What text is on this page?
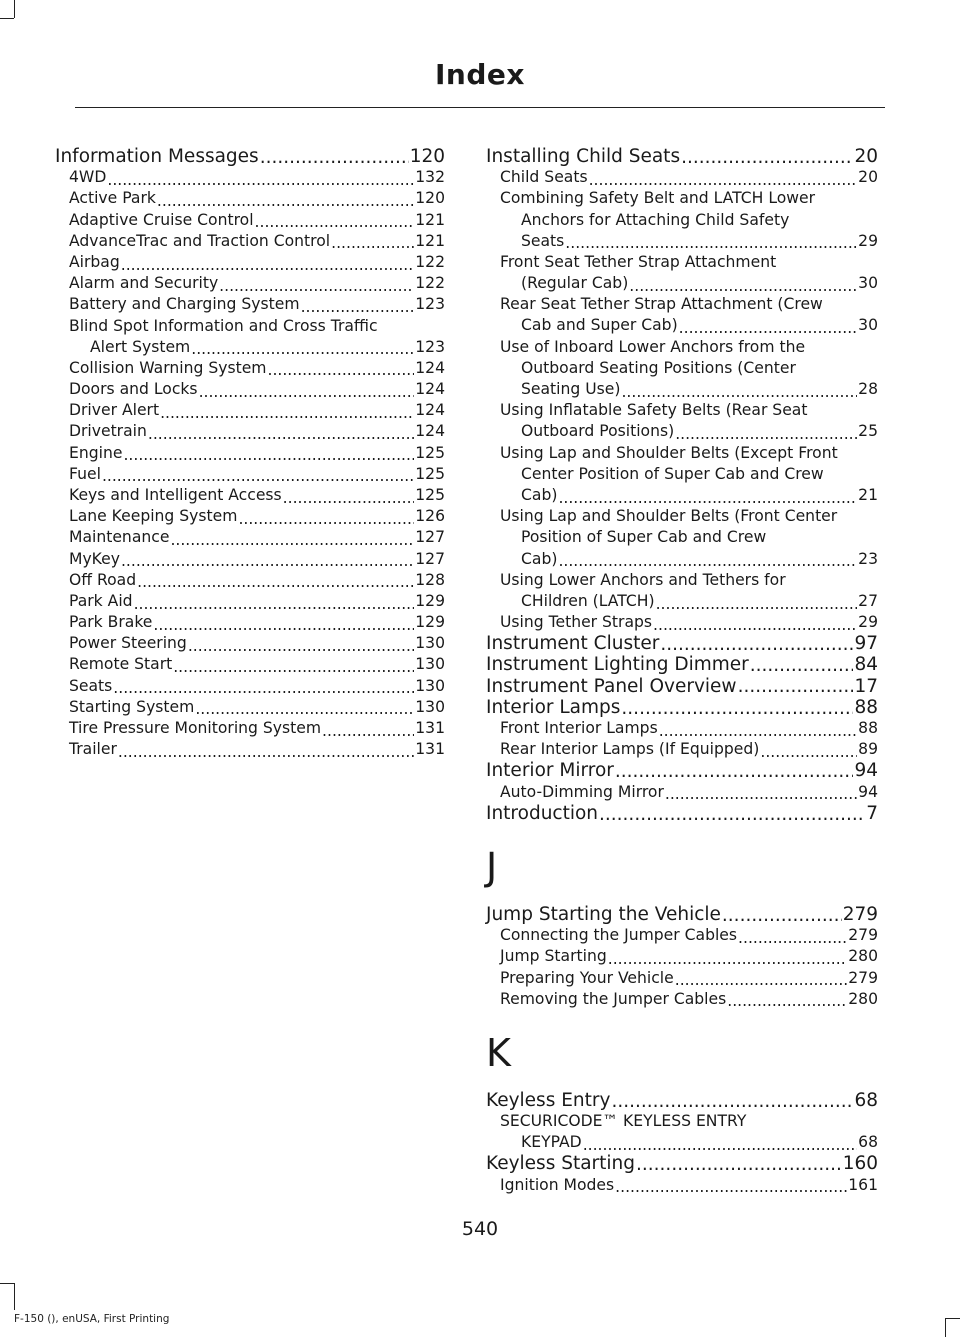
Index
Information Messages .....	120
4WD .....	132
Active Park .....	120
Adaptive Cruise Control .....	121
AdvanceTrac and Traction Control .....	121
Airbag .....	122
Alarm and Security .....	122
Battery and Charging System .....	123
Blind Spot Information and Cross Traffic
Alert System .....	123
Collision Warning System .....	124
Doors and Locks .....	124
Driver Alert .....	124
Drivetrain .....	124
Engine .....	125
Fuel .....	125
Keys and Intelligent Access .....	125
Lane Keeping System .....	126
Maintenance .....	127
MyKey .....	127
Off Road .....	128
Park Aid .....	129
Park Brake .....	129
Power Steering .....	130
Remote Start .....	130
Seats .....	130
Starting System .....	130
Tire Pressure Monitoring System .....	131
Trailer .....	131
Installing Child Seats .....	20
Child Seats .....	20
Combining Safety Belt and LATCH Lower
Anchors for Attaching Child Safety
Seats .....	29
Front Seat Tether Strap Attachment
(Regular Cab) .....	30
Rear Seat Tether Strap Attachment (Crew
Cab and Super Cab) .....	30
Use of Inboard Lower Anchors from the
Outboard Seating Positions (Center
Seating Use) .....	28
Using Inflatable Safety Belts (Rear Seat
Outboard Positions) .....	25
Using Lap and Shoulder Belts (Except Front
Center Position of Super Cab and Crew
Cab) .....	21
Using Lap and Shoulder Belts (Front Center
Position of Super Cab and Crew
Cab) .....	23
Using Lower Anchors and Tethers for
CHildren (LATCH) .....	27
Using Tether Straps .....	29
Instrument Cluster .....	97
Instrument Lighting Dimmer .....	84
Instrument Panel Overview .....	17
Interior Lamps .....	88
Front Interior Lamps .....	88
Rear Interior Lamps (If Equipped) .....	89
Interior Mirror .....	94
Auto-Dimming Mirror .....	94
Introduction .....	7
J
Jump Starting the Vehicle .....	279
Connecting the Jumper Cables .....	279
Jump Starting .....	280
Preparing Your Vehicle .....	279
Removing the Jumper Cables .....	280
K
Keyless Entry .....	68
SECURICODE™ KEYLESS ENTRY
KEYPAD .....	68
Keyless Starting .....	160
Ignition Modes .....	161
540
F-150 (), enUSA, First Printing
